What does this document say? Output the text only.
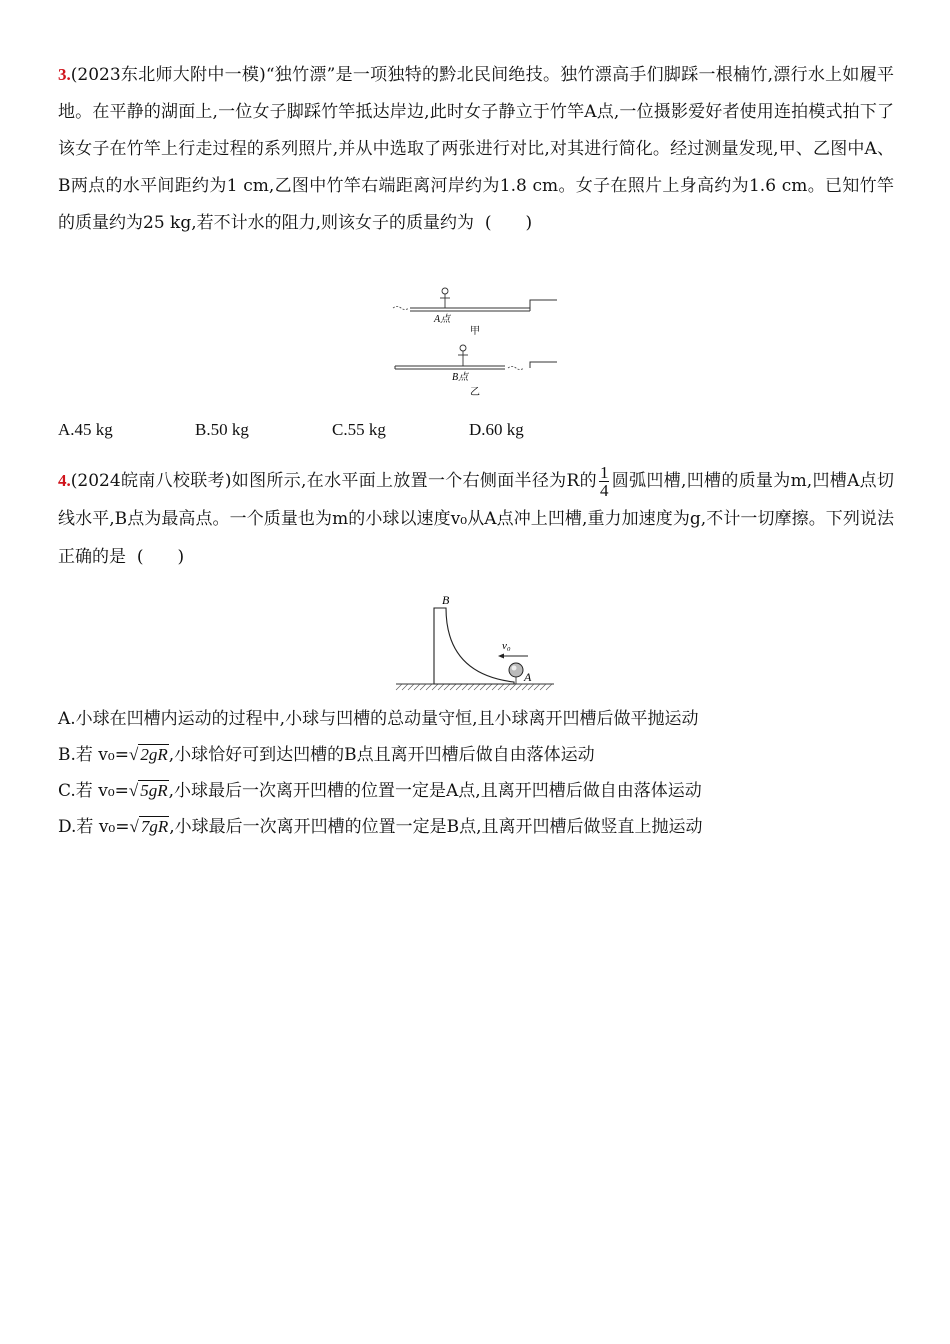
3.(2023东北师大附中一模)“独竹漂”是一项独特的黔北民间绝技。独竹漂高手们脚踩一根楠竹,漂行水上如履平地。在平静的湖面上,一位女子脚踩竹竿抵达岸边,此时女子静立于竹竿A点,一位摄影爱好者使用连拍模式拍下了该女子在竹竿上行走过程的系列照片,并从中选取了两张进行对比,对其进行简化。经过测量发现,甲、乙图中A、B两点的水平间距约为1 cm,乙图中竹竿右端距离河岸约为1.8 cm。女子在照片上身高约为1.6 cm。已知竹竿的质量约为25 kg,若不计水的阻力,则该女子的质量约为 (　　)

A点
甲
B点
乙
A.45 kg	B.50 kg	C.55 kg	D.60 kg

4.(2024皖南八校联考)如图所示,在水平面上放置一个右侧面半径为R的 $\frac{1}{4}$ 圆弧凹槽,凹槽的质量为m,凹槽A点切线水平,B点为最高点。一个质量也为m的小球以速度v₀从A点冲上凹槽,重力加速度为g,不计一切摩擦。下列说法正确的是 (　　)

v₀
B
A
A.小球在凹槽内运动的过程中,小球与凹槽的总动量守恒,且小球离开凹槽后做平抛运动
B.若 v₀=√ 2gR,小球恰好可到达凹槽的B点且离开凹槽后做自由落体运动
C.若 v₀=√ 5gR,小球最后一次离开凹槽的位置一定是A点,且离开凹槽后做自由落体运动
D.若 v₀=√ 7gR,小球最后一次离开凹槽的位置一定是B点,且离开凹槽后做竖直上抛运动
